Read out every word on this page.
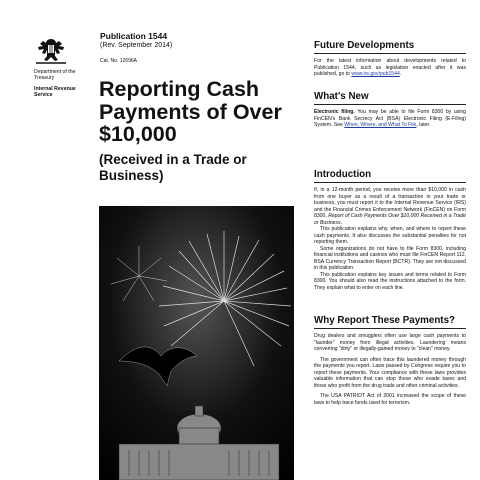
Department of the Treasury
Internal Revenue Service
Publication 1544
(Rev. September 2014)
Cat. No. 12696A
Reporting Cash Payments of Over $10,000
(Received in a Trade or Business)
Future Developments
For the latest information about developments related to Publication 1544, such as legislation enacted after it was published, go to www.irs.gov/pub1544.
What's New
Electronic filing. You may be able to file Form 8300 by using FinCEN's Bank Secrecy Act (BSA) Electronic Filing (E-Filing) System. See When, Where, and What To File, later.
Introduction
If, in a 12-month period, you receive more than $10,000 in cash from one buyer as a result of a transaction in your trade or business, you must report it to the Internal Revenue Service (IRS) and the Financial Crimes Enforcement Network (FinCEN) on Form 8300, Report of Cash Payments Over $10,000 Received in a Trade or Business.
This publication explains why, when, and where to report these cash payments. It also discusses the substantial penalties for not reporting them.
Some organizations do not have to file Form 8300, including financial institutions and casinos who must file FinCEN Report 112, BSA Currency Transaction Report (BCTR). They are not discussed in this publication.
This publication explains key issues and terms related to Form 8300. You should also read the instructions attached to the form. They explain what to enter on each line.
Why Report These Payments?
Drug dealers and smugglers often use large cash payments to "launder" money from illegal activities. Laundering means converting "dirty" or illegally-gained money to "clean" money.
The government can often trace this laundered money through the payments you report. Laws passed by Congress require you to report these payments. Your compliance with these laws provides valuable information that can stop those who evade taxes and those who profit from the drug trade and other criminal activities.
The USA PATRIOT Act of 2001 increased the scope of these laws to help trace funds used for terrorism.
